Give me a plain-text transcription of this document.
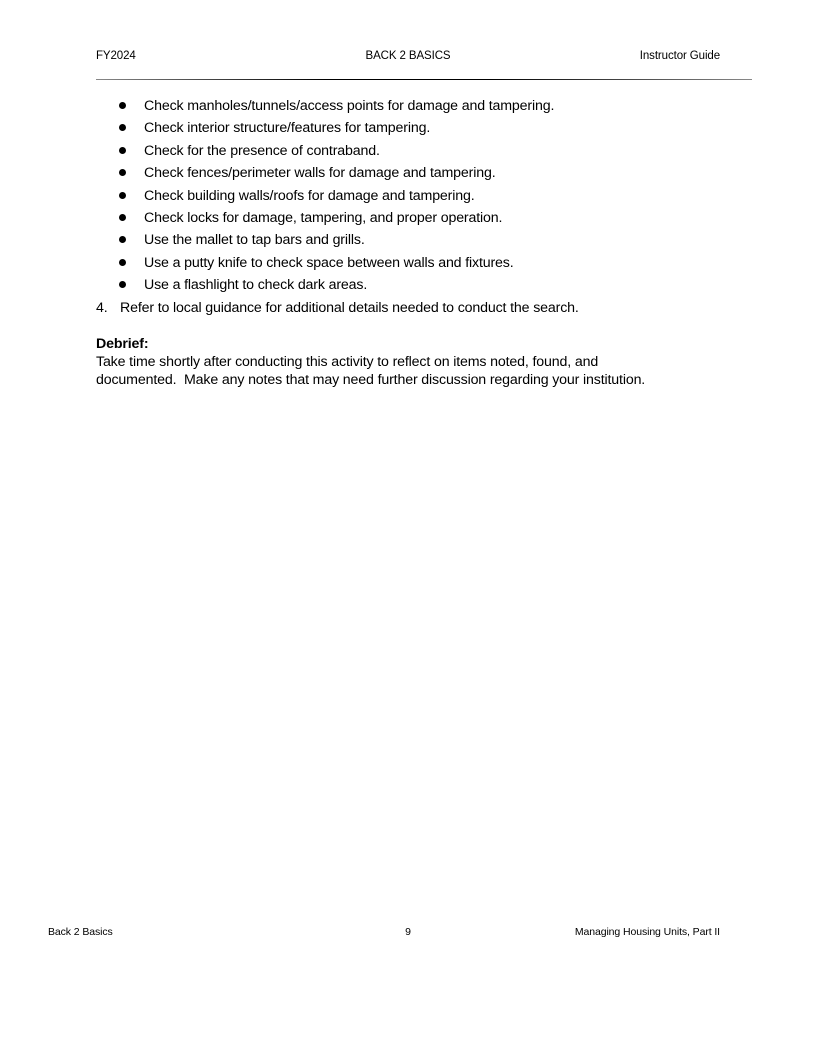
FY2024	BACK 2 BASICS	Instructor Guide
Check manholes/tunnels/access points for damage and tampering.
Check interior structure/features for tampering.
Check for the presence of contraband.
Check fences/perimeter walls for damage and tampering.
Check building walls/roofs for damage and tampering.
Check locks for damage, tampering, and proper operation.
Use the mallet to tap bars and grills.
Use a putty knife to check space between walls and fixtures.
Use a flashlight to check dark areas.
4. Refer to local guidance for additional details needed to conduct the search.
Debrief:

Take time shortly after conducting this activity to reflect on items noted, found, and
documented.  Make any notes that may need further discussion regarding your institution.

Back 2 Basics	9	Managing Housing Units, Part II
